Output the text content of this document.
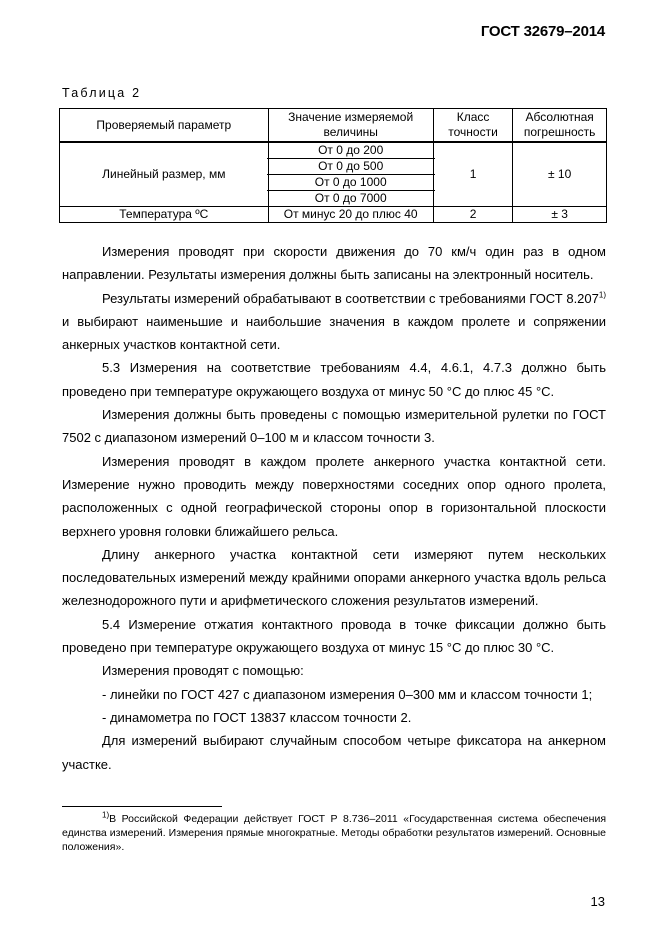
ГОСТ 32679–2014
Таблица 2
Проверяемый параметр	Значение измеряемой величины	Класс точности	Абсолютная погрешность
Линейный размер, мм	От 0 до 200
От 0 до 500
От 0 до 1000
От 0 до 7000	1	± 10
Температура ºС	От минус 20 до плюс 40	2	± 3

Измерения проводят при скорости движения до 70 км/ч один раз в одном направлении. Результаты измерения должны быть записаны на электронный носитель.

Результаты измерений обрабатывают в соответствии с требованиями ГОСТ 8.207$^{1)}$ и выбирают наименьшие и наибольшие значения в каждом пролете и сопряжении анкерных участков контактной сети.

5.3 Измерения на соответствие требованиям 4.4, 4.6.1, 4.7.3 должно быть проведено при температуре окружающего воздуха от минус 50 °С до плюс 45 °С.

Измерения должны быть проведены с помощью измерительной рулетки по ГОСТ 7502 с диапазоном измерений 0–100 м и классом точности 3.

Измерения проводят в каждом пролете анкерного участка контактной сети. Измерение нужно проводить между поверхностями соседних опор одного пролета, расположенных с одной географической стороны опор в горизонтальной плоскости верхнего уровня головки ближайшего рельса.

Длину анкерного участка контактной сети измеряют путем нескольких последовательных измерений между крайними опорами анкерного участка вдоль рельса железнодорожного пути и арифметического сложения результатов измерений.

5.4 Измерение отжатия контактного провода в точке фиксации должно быть проведено при температуре окружающего воздуха от минус 15 °С до плюс 30 °С.

Измерения проводят с помощью:

- линейки по ГОСТ 427 с диапазоном измерения 0–300 мм и классом точности 1;

- динамометра по ГОСТ 13837 классом точности 2.

Для измерений выбирают случайным способом четыре фиксатора на анкерном участке.

$^{1)}$В Российской Федерации действует ГОСТ Р 8.736–2011 «Государственная система обеспечения единства измерений. Измерения прямые многократные. Методы обработки результатов измерений. Основные положения».
13
